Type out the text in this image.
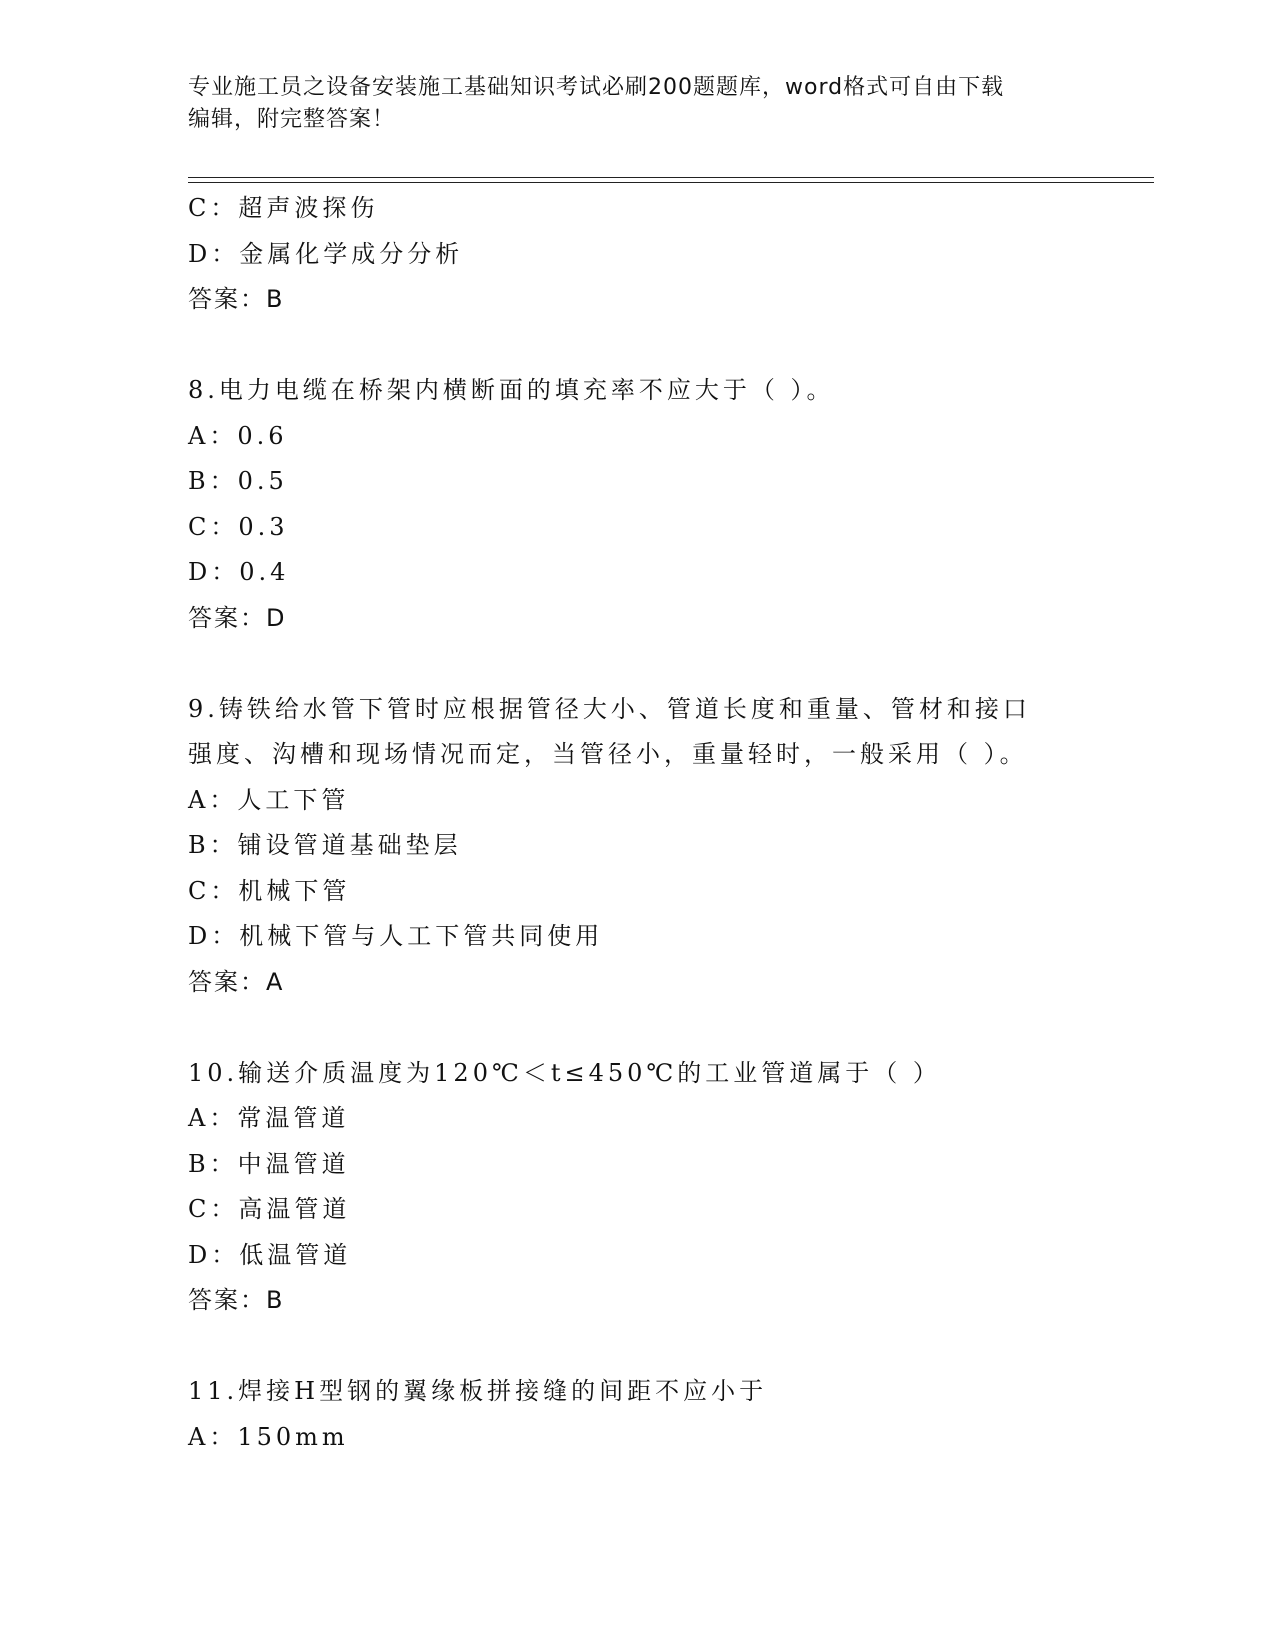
专业施工员之设备安装施工基础知识考试必刷200题题库，word格式可自由下载
编辑，附完整答案！
C：超声波探伤
D：金属化学成分分析
答案：B
8.电力电缆在桥架内横断面的填充率不应大于（ ）。
A：0.6
B：0.5
C：0.3
D：0.4
答案：D
9.铸铁给水管下管时应根据管径大小、管道长度和重量、管材和接口
强度、沟槽和现场情况而定，当管径小，重量轻时，一般采用（ ）。
A：人工下管
B：铺设管道基础垫层
C：机械下管
D：机械下管与人工下管共同使用
答案：A
10.输送介质温度为120℃＜t≤450℃的工业管道属于（ ）
A：常温管道
B：中温管道
C：高温管道
D：低温管道
答案：B
11.焊接H型钢的翼缘板拼接缝的间距不应小于
A：150mm
